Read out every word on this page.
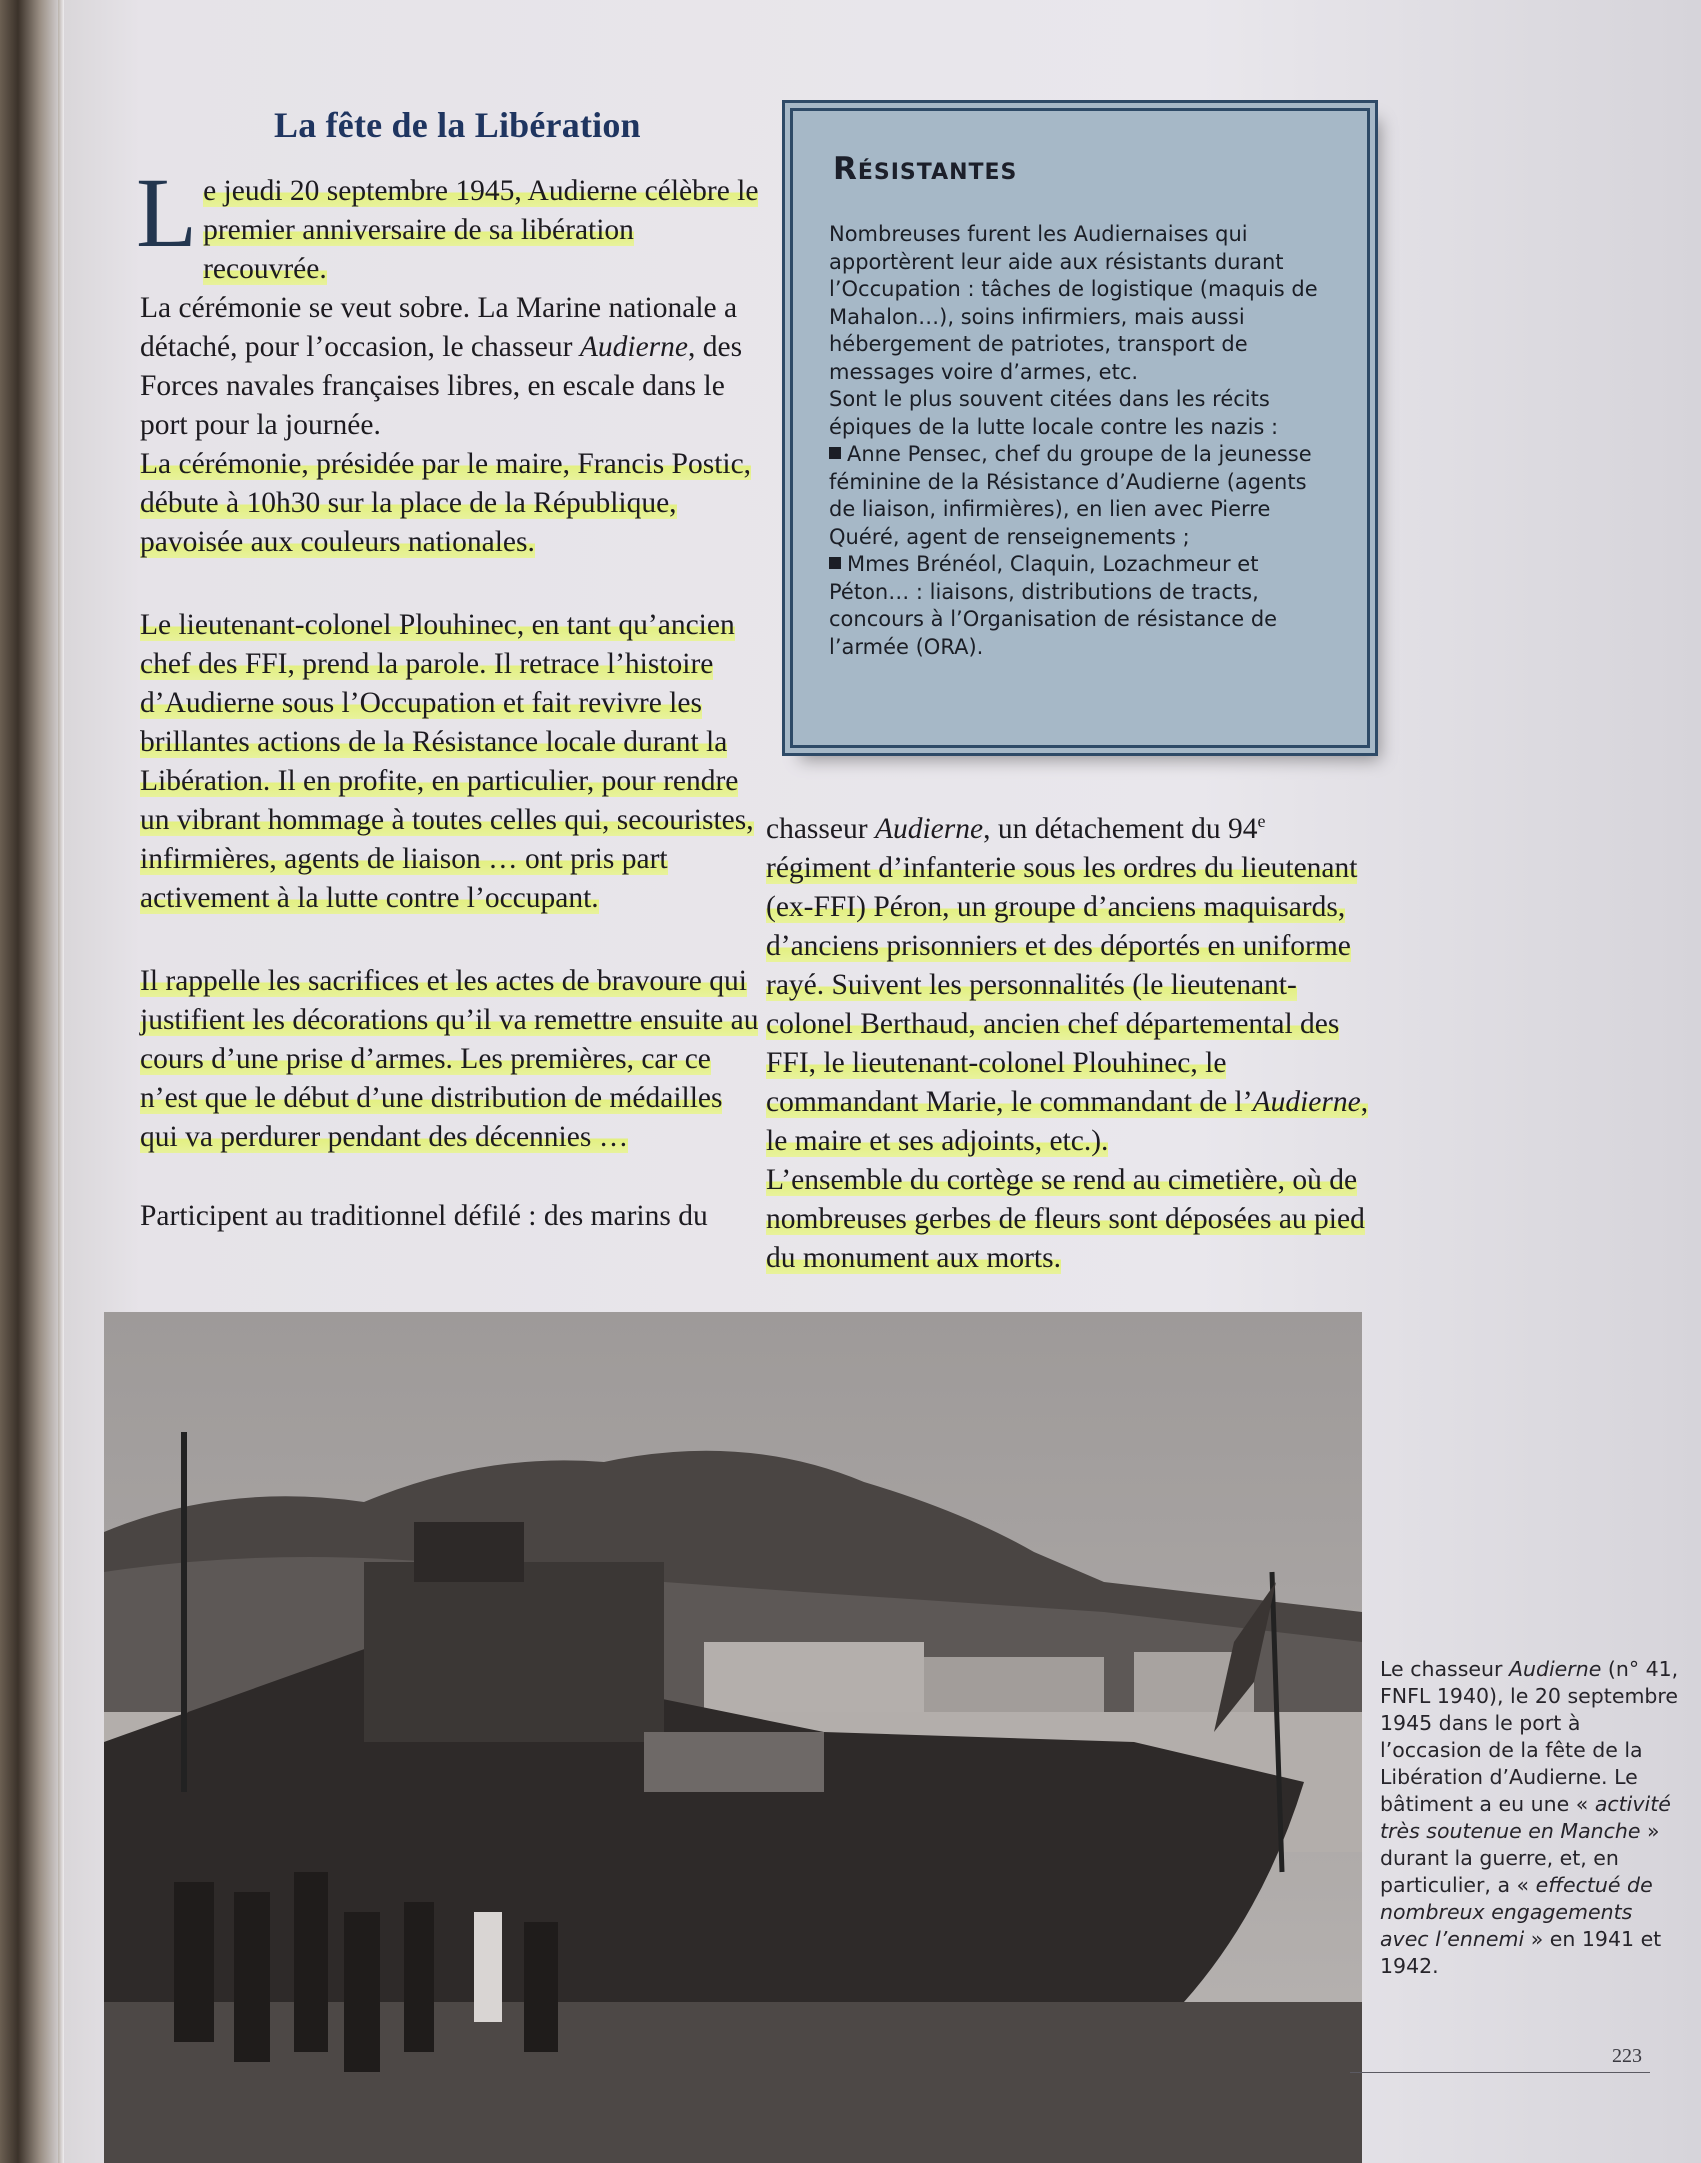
La fête de la Libération

Le jeudi 20 septembre 1945, Audierne célèbre le premier anniversaire de sa libération recouvrée.

La cérémonie se veut sobre. La Marine nationale a détaché, pour l’occasion, le chasseur Audierne, des Forces navales françaises libres, en escale dans le port pour la journée.

La cérémonie, présidée par le maire, Francis Postic, débute à 10h30 sur la place de la République, pavoisée aux couleurs nationales.

Le lieutenant-colonel Plouhinec, en tant qu’ancien chef des FFI, prend la parole. Il retrace l’histoire d’Audierne sous l’Occupation et fait revivre les brillantes actions de la Résistance locale durant la Libération. Il en profite, en particulier, pour rendre un vibrant hommage à toutes celles qui, secouristes, infirmières, agents de liaison … ont pris part activement à la lutte contre l’occupant.

Il rappelle les sacrifices et les actes de bravoure qui justifient les décorations qu’il va remettre ensuite au cours d’une prise d’armes. Les premières, car ce n’est que le début d’une distribution de médailles qui va perdurer pendant des décennies …

Participent au traditionnel défilé : des marins du

chasseur Audierne, un détachement du 94e régiment d’infanterie sous les ordres du lieutenant (ex-FFI) Péron, un groupe d’anciens maquisards, d’anciens prisonniers et des déportés en uniforme rayé. Suivent les personnalités (le lieutenant-colonel Berthaud, ancien chef départemental des FFI, le lieutenant-colonel Plouhinec, le commandant Marie, le commandant de l’Audierne, le maire et ses adjoints, etc.).

L’ensemble du cortège se rend au cimetière, où de nombreuses gerbes de fleurs sont déposées au pied du monument aux morts.

Résistantes

Nombreuses furent les Audiernaises qui apportèrent leur aide aux résistants durant l’Occupation : tâches de logistique (maquis de Mahalon…), soins infirmiers, mais aussi hébergement de patriotes, transport de messages voire d’armes, etc.

Sont le plus souvent citées dans les récits épiques de la lutte locale contre les nazis :

Anne Pensec, chef du groupe de la jeunesse féminine de la Résistance d’Audierne (agents de liaison, infirmières), en lien avec Pierre Quéré, agent de renseignements ;

Mmes Brénéol, Claquin, Lozachmeur et Péton… : liaisons, distributions de tracts, concours à l’Organisation de résistance de l’armée (ORA).

Le chasseur Audierne (n° 41, FNFL 1940), le 20 septembre 1945 dans le port à l’occasion de la fête de la Libération d’Audierne. Le bâtiment a eu une « activité très soutenue en Manche » durant la guerre, et, en particulier, a « effectué de nombreux engagements avec l’ennemi » en 1941 et 1942.

223
